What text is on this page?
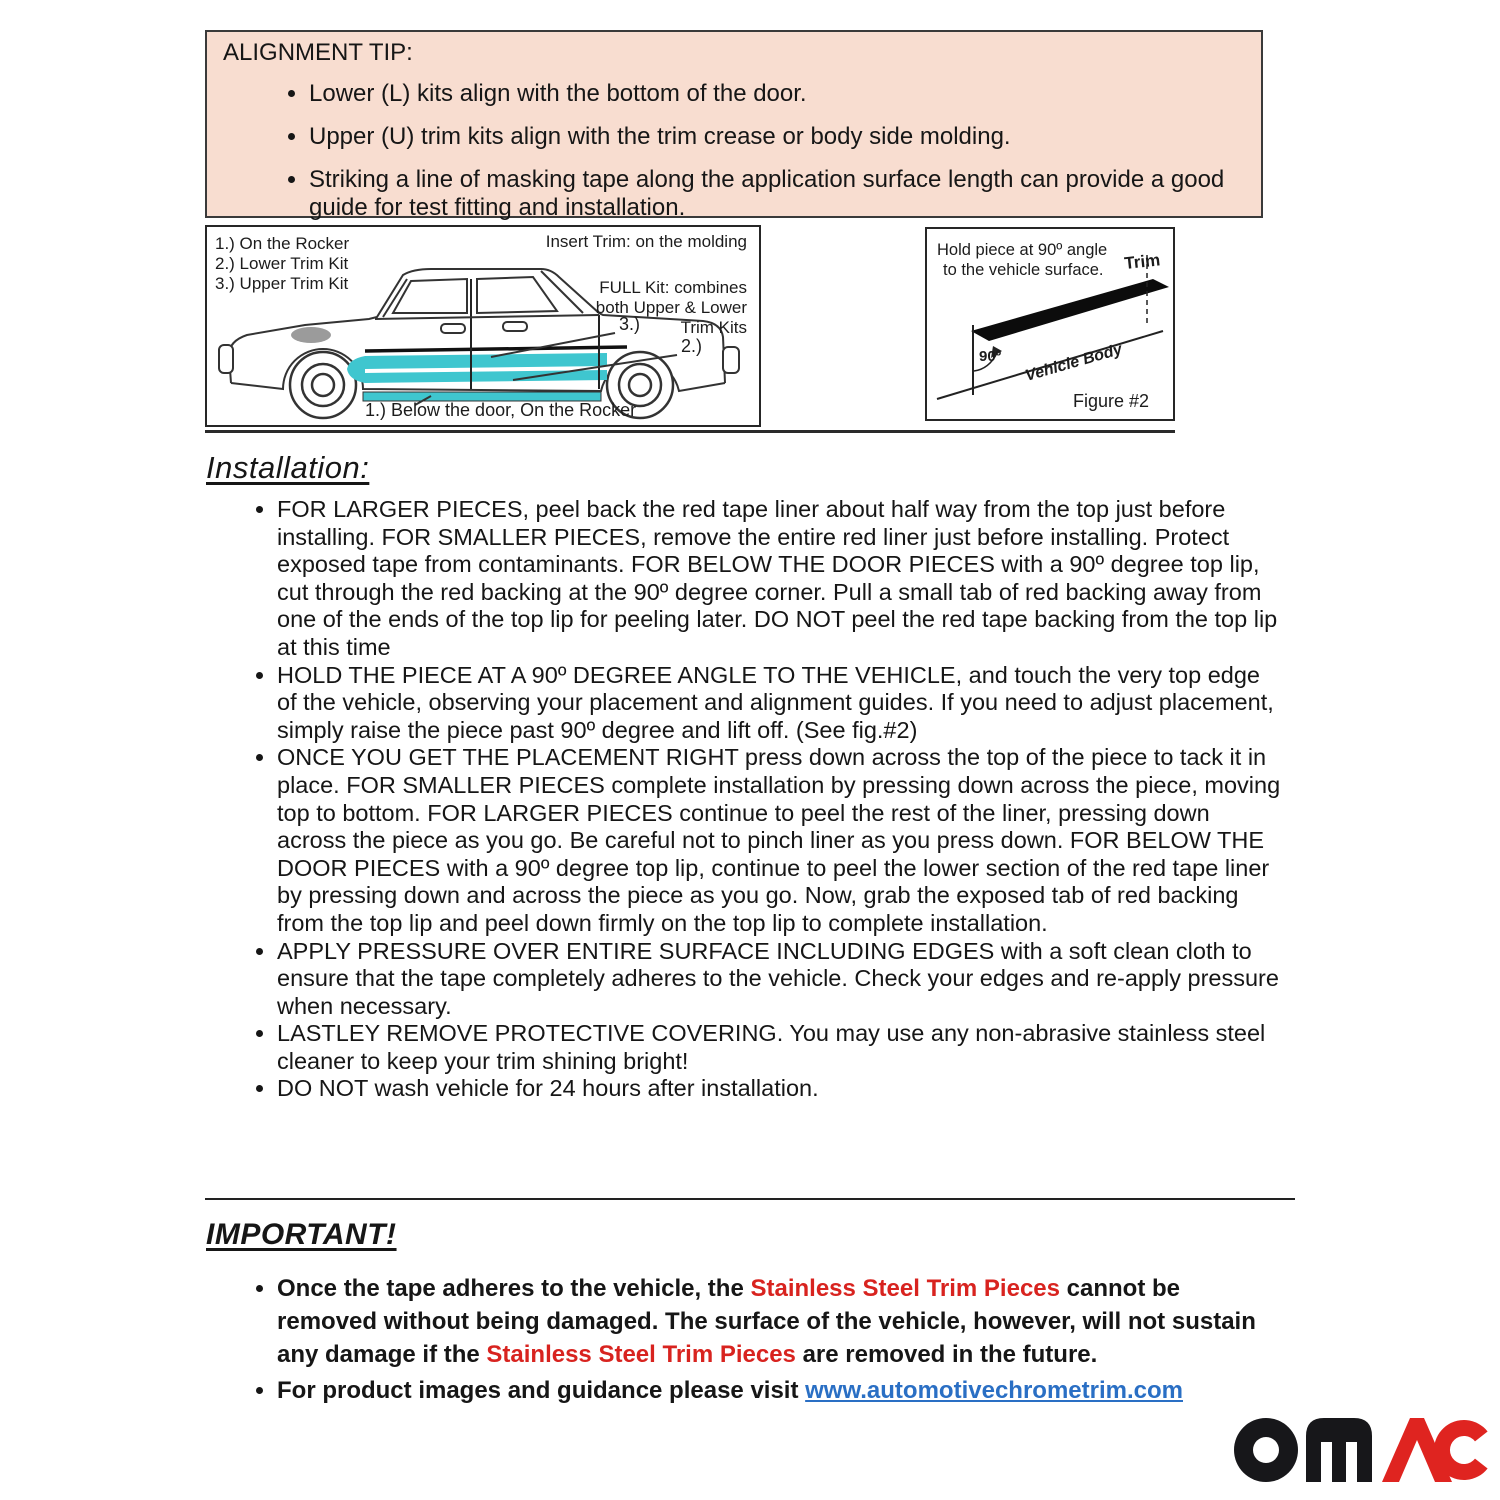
ALIGNMENT TIP:
• Lower (L) kits align with the bottom of the door.
• Upper (U) trim kits align with the trim crease or body side molding.
• Striking a line of masking tape along the application surface length can provide a good guide for test fitting and installation.
1.) On the Rocker
2.) Lower Trim Kit
3.) Upper Trim Kit
Insert Trim: on the molding
FULL Kit: combines
both Upper & Lower
Trim Kits
3.)
2.)
1.) Below the door, On the Rocker
Hold piece at 90º angle
to the vehicle surface. Trim
90º Vehicle Body
Figure #2
Installation:
• FOR LARGER PIECES, peel back the red tape liner about half way from the top just before installing. FOR SMALLER PIECES, remove the entire red liner just before installing. Protect exposed tape from contaminants. FOR BELOW THE DOOR PIECES with a 90º degree top lip, cut through the red backing at the 90º degree corner. Pull a small tab of red backing away from one of the ends of the top lip for peeling later. DO NOT peel the red tape backing from the top lip at this time
• HOLD THE PIECE AT A 90º DEGREE ANGLE TO THE VEHICLE, and touch the very top edge of the vehicle, observing your placement and alignment guides. If you need to adjust placement, simply raise the piece past 90º degree and lift off. (See fig.#2)
• ONCE YOU GET THE PLACEMENT RIGHT press down across the top of the piece to tack it in place. FOR SMALLER PIECES complete installation by pressing down across the piece, moving top to bottom. FOR LARGER PIECES continue to peel the rest of the liner, pressing down across the piece as you go. Be careful not to pinch liner as you press down. FOR BELOW THE DOOR PIECES with a 90º degree top lip, continue to peel the lower section of the red tape liner by pressing down and across the piece as you go. Now, grab the exposed tab of red backing from the top lip and peel down firmly on the top lip to complete installation.
• APPLY PRESSURE OVER ENTIRE SURFACE INCLUDING EDGES with a soft clean cloth to ensure that the tape completely adheres to the vehicle. Check your edges and re-apply pressure when necessary.
• LASTLEY REMOVE PROTECTIVE COVERING. You may use any non-abrasive stainless steel cleaner to keep your trim shining bright!
• DO NOT wash vehicle for 24 hours after installation.
IMPORTANT!
• Once the tape adheres to the vehicle, the Stainless Steel Trim Pieces cannot be removed without being damaged. The surface of the vehicle, however, will not sustain any damage if the Stainless Steel Trim Pieces are removed in the future.
• For product images and guidance please visit www.automotivechrometrim.com
